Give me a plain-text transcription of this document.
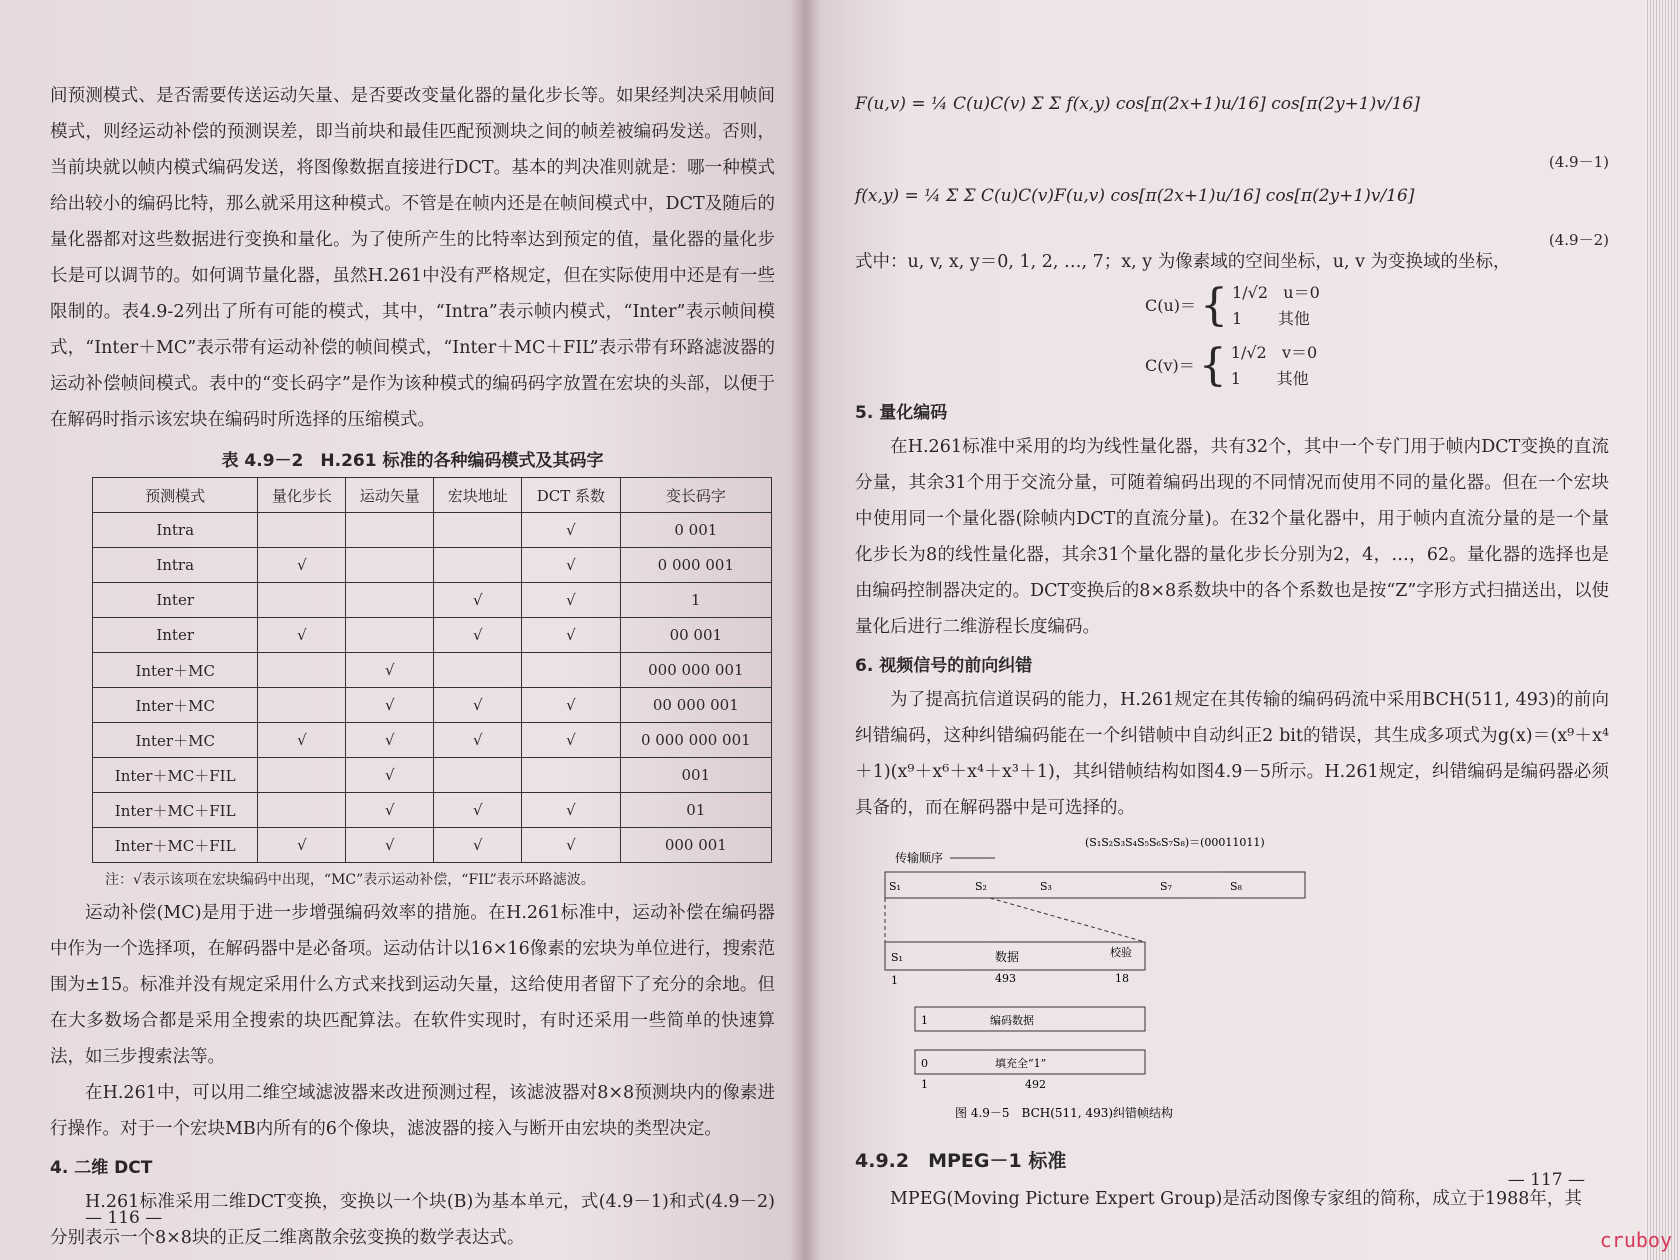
间预测模式、是否需要传送运动矢量、是否要改变量化器的量化步长等。如果经判决采用帧间模式，则经运动补偿的预测误差，即当前块和最佳匹配预测块之间的帧差被编码发送。否则，当前块就以帧内模式编码发送，将图像数据直接进行DCT。基本的判决准则就是：哪一种模式给出较小的编码比特，那么就采用这种模式。不管是在帧内还是在帧间模式中，DCT及随后的量化器都对这些数据进行变换和量化。为了使所产生的比特率达到预定的值，量化器的量化步长是可以调节的。如何调节量化器，虽然H.261中没有严格规定，但在实际使用中还是有一些限制的。表4.9-2列出了所有可能的模式，其中，“Intra”表示帧内模式，“Inter”表示帧间模式，“Inter＋MC”表示带有运动补偿的帧间模式，“Inter＋MC＋FIL”表示带有环路滤波器的运动补偿帧间模式。表中的“变长码字”是作为该种模式的编码码字放置在宏块的头部，以便于在解码时指示该宏块在编码时所选择的压缩模式。

表 4.9－2　H.261 标准的各种编码模式及其码字
预测模式	量化步长	运动矢量	宏块地址	DCT 系数	变长码字
Intra				√	0 001
Intra	√			√	0 000 001
Inter			√	√	1
Inter	√		√	√	00 001
Inter＋MC		√			000 000 001
Inter＋MC		√	√	√	00 000 001
Inter＋MC	√	√	√	√	0 000 000 001
Inter＋MC＋FIL		√			001
Inter＋MC＋FIL		√	√	√	01
Inter＋MC＋FIL	√	√	√	√	000 001
注：√表示该项在宏块编码中出现，“MC”表示运动补偿，“FIL”表示环路滤波。

运动补偿(MC)是用于进一步增强编码效率的措施。在H.261标准中，运动补偿在编码器中作为一个选择项，在解码器中是必备项。运动估计以16×16像素的宏块为单位进行，搜索范围为±15。标准并没有规定采用什么方式来找到运动矢量，这给使用者留下了充分的余地。但在大多数场合都是采用全搜索的块匹配算法。在软件实现时，有时还采用一些简单的快速算法，如三步搜索法等。

在H.261中，可以用二维空域滤波器来改进预测过程，该滤波器对8×8预测块内的像素进行操作。对于一个宏块MB内所有的6个像块，滤波器的接入与断开由宏块的类型决定。

4. 二维 DCT

H.261标准采用二维DCT变换，变换以一个块(B)为基本单元，式(4.9－1)和式(4.9－2)分别表示一个8×8块的正反二维离散余弦变换的数学表达式。

— 116 —
F(u,v) = ¼ C(u)C(v) Σ Σ f(x,y) cos[π(2x+1)u/16] cos[π(2y+1)v/16]
(4.9－1)
f(x,y) = ¼ Σ Σ C(u)C(v)F(u,v) cos[π(2x+1)u/16] cos[π(2y+1)v/16]
(4.9－2)

式中：u, v, x, y＝0, 1, 2, …, 7；x, y 为像素域的空间坐标，u, v 为变换域的坐标，

C(u)＝ { 1/√2 u＝0
1 其他
C(v)＝ { 1/√2 v＝0
1 其他
5. 量化编码

在H.261标准中采用的均为线性量化器，共有32个，其中一个专门用于帧内DCT变换的直流分量，其余31个用于交流分量，可随着编码出现的不同情况而使用不同的量化器。但在一个宏块中使用同一个量化器(除帧内DCT的直流分量)。在32个量化器中，用于帧内直流分量的是一个量化步长为8的线性量化器，其余31个量化器的量化步长分别为2，4，…，62。量化器的选择也是由编码控制器决定的。DCT变换后的8×8系数块中的各个系数也是按“Z”字形方式扫描送出，以使量化后进行二维游程长度编码。

6. 视频信号的前向纠错

为了提高抗信道误码的能力，H.261规定在其传输的编码码流中采用BCH(511, 493)的前向纠错编码，这种纠错编码能在一个纠错帧中自动纠正2 bit的错误，其生成多项式为g(x)＝(x⁹＋x⁴＋1)(x⁹＋x⁶＋x⁴＋x³＋1)，其纠错帧结构如图4.9－5所示。H.261规定，纠错编码是编码器必须具备的，而在解码器中是可选择的。

(S₁S₂S₃S₄S₅S₆S₇S₈)＝(00011011)
传输顺序
S₁	S₂	S₃	S₇	S₈
S₁	数据	校验
1	493	18
1	编码数据
0	填充全“1”
1	492
图 4.9－5　BCH(511, 493)纠错帧结构
4.9.2　MPEG－1 标准

MPEG(Moving Picture Expert Group)是活动图像专家组的简称，成立于1988年，其

— 117 —
cruboy
